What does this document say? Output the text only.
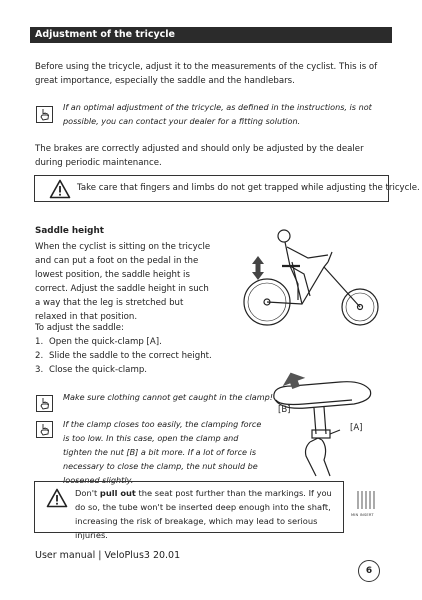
Adjustment of the tricycle
Before using the tricycle, adjust it to the measurements of the cyclist. This is of great importance, especially the saddle and the handlebars.
If an optimal adjustment of the tricycle, as defined in the instructions, is not possible, you can contact your dealer for a fitting solution.
The brakes are correctly adjusted and should only be adjusted by the dealer during periodic maintenance.
Take care that fingers and limbs do not get trapped while adjusting the tricycle.
Saddle height
When the cyclist is sitting on the tricycle and can put a foot on the pedal in the lowest position, the saddle height is correct. Adjust the saddle height in such a way that the leg is stretched but relaxed in that position.
To adjust the saddle:
1. Open the quick-clamp [A].
2. Slide the saddle to the correct height.
3. Close the quick-clamp.
Make sure clothing cannot get caught in the clamp!
If the clamp closes too easily, the clamping force is too low. In this case, open the clamp and tighten the nut [B] a bit more. If a lot of force is necessary to close the clamp, the nut should be loosened slightly.
[B]
[A]
Don't pull out the seat post further than the markings. If you do so, the tube won't be inserted deep enough into the shaft, increasing the risk of breakage, which may lead to serious injuries.
MIN INSERT
User manual | VeloPlus3 20.01
6
